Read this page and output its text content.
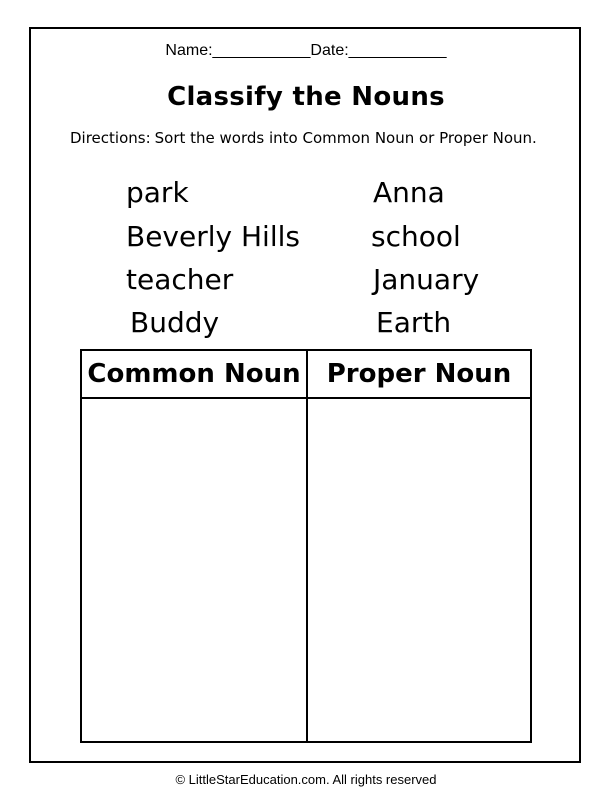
Name:___________Date:___________
Classify the Nouns
Directions: Sort the words into Common Noun or Proper Noun.
park
Beverly Hills
teacher
Buddy
Anna
school
January
Earth
Common Noun	Proper Noun
© LittleStarEducation.com. All rights reserved
